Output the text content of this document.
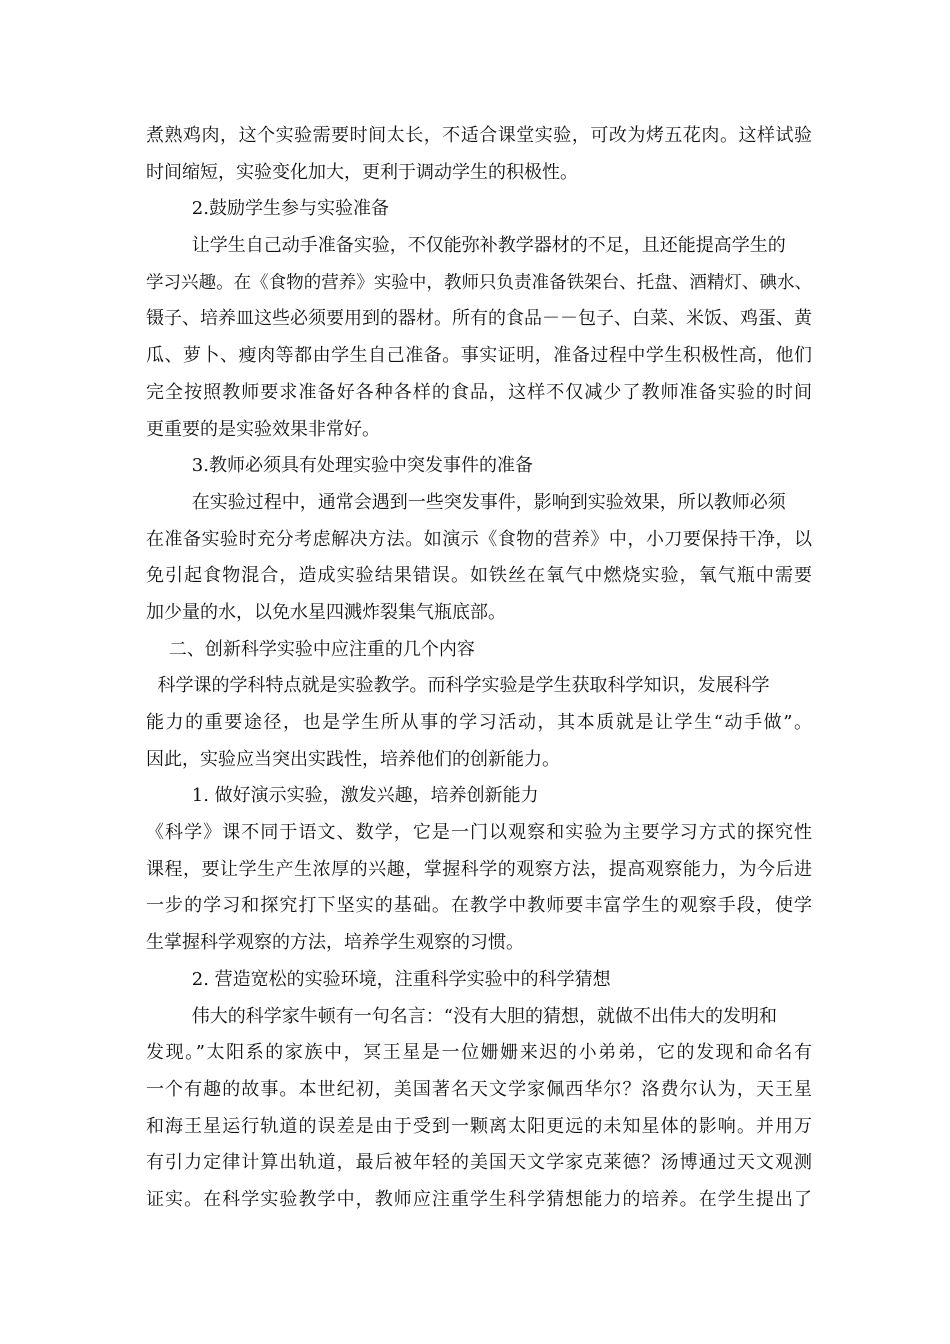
煮熟鸡肉，这个实验需要时间太长，不适合课堂实验，可改为烤五花肉。这样试验
时间缩短，实验变化加大，更利于调动学生的积极性。
2.鼓励学生参与实验准备
让学生自己动手准备实验，不仅能弥补教学器材的不足，且还能提高学生的
学习兴趣。在《食物的营养》实验中，教师只负责准备铁架台、托盘、酒精灯、碘水、
镊子、培养皿这些必须要用到的器材。所有的食品－－包子、白菜、米饭、鸡蛋、黄
瓜、萝卜、瘦肉等都由学生自己准备。事实证明，准备过程中学生积极性高，他们
完全按照教师要求准备好各种各样的食品，这样不仅减少了教师准备实验的时间
更重要的是实验效果非常好。
3.教师必须具有处理实验中突发事件的准备
在实验过程中，通常会遇到一些突发事件，影响到实验效果，所以教师必须
在准备实验时充分考虑解决方法。如演示《食物的营养》中，小刀要保持干净，以
免引起食物混合，造成实验结果错误。如铁丝在氧气中燃烧实验，氧气瓶中需要
加少量的水，以免水星四溅炸裂集气瓶底部。
二、创新科学实验中应注重的几个内容
科学课的学科特点就是实验教学。而科学实验是学生获取科学知识，发展科学
能力的重要途径，也是学生所从事的学习活动，其本质就是让学生“动手做”。
因此，实验应当突出实践性，培养他们的创新能力。
1. 做好演示实验，激发兴趣，培养创新能力
《科学》课不同于语文、数学，它是一门以观察和实验为主要学习方式的探究性
课程，要让学生产生浓厚的兴趣，掌握科学的观察方法，提高观察能力，为今后进
一步的学习和探究打下坚实的基础。在教学中教师要丰富学生的观察手段，使学
生掌握科学观察的方法，培养学生观察的习惯。
2. 营造宽松的实验环境，注重科学实验中的科学猜想
伟大的科学家牛顿有一句名言：“没有大胆的猜想，就做不出伟大的发明和
发现。”太阳系的家族中，冥王星是一位姗姗来迟的小弟弟，它的发现和命名有
一个有趣的故事。本世纪初，美国著名天文学家佩西华尔？洛费尔认为，天王星
和海王星运行轨道的误差是由于受到一颗离太阳更远的未知星体的影响。并用万
有引力定律计算出轨道，最后被年轻的美国天文学家克莱德？汤博通过天文观测
证实。在科学实验教学中，教师应注重学生科学猜想能力的培养。在学生提出了
